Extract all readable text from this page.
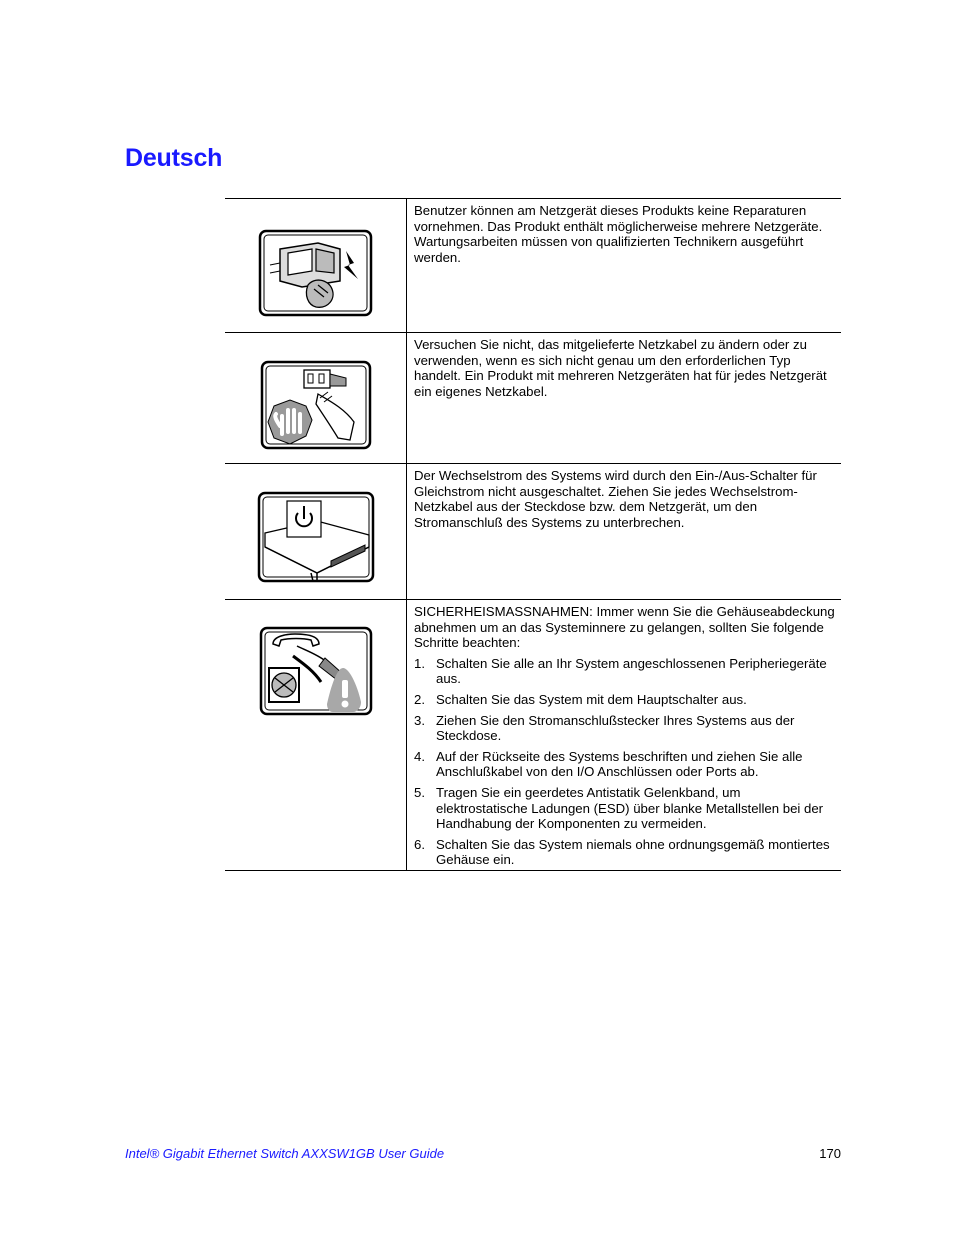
Deutsch

Benutzer können am Netzgerät dieses Produkts keine Reparaturen vornehmen. Das Produkt enthält möglicherweise mehrere Netzgeräte. Wartungsarbeiten müssen von qualifizierten Technikern ausgeführt werden.

Versuchen Sie nicht, das mitgelieferte Netzkabel zu ändern oder zu verwenden, wenn es sich nicht genau um den erforderlichen Typ handelt. Ein Produkt mit mehreren Netzgeräten hat für jedes Netzgerät ein eigenes Netzkabel.

Der Wechselstrom des Systems wird durch den Ein-/Aus-Schalter für Gleichstrom nicht ausgeschaltet. Ziehen Sie jedes Wechselstrom-Netzkabel aus der Steckdose bzw. dem Netzgerät, um den Stromanschluß des Systems zu unterbrechen.

SICHERHEISMASSNAHMEN: Immer wenn Sie die Gehäuseabdeckung abnehmen um an das Systeminnere zu gelangen, sollten Sie folgende Schritte beachten:

1. Schalten Sie alle an Ihr System angeschlossenen Peripheriegeräte aus.
2. Schalten Sie das System mit dem Hauptschalter aus.
3. Ziehen Sie den Stromanschlußstecker Ihres Systems aus der Steckdose.
4. Auf der Rückseite des Systems beschriften und ziehen Sie alle Anschlußkabel von den I/O Anschlüssen oder Ports ab.
5. Tragen Sie ein geerdetes Antistatik Gelenkband, um elektrostatische Ladungen (ESD) über blanke Metallstellen bei der Handhabung der Komponenten zu vermeiden.
6. Schalten Sie das System niemals ohne ordnungsgemäß montiertes Gehäuse ein.
Intel® Gigabit Ethernet Switch AXXSW1GB User Guide	170
